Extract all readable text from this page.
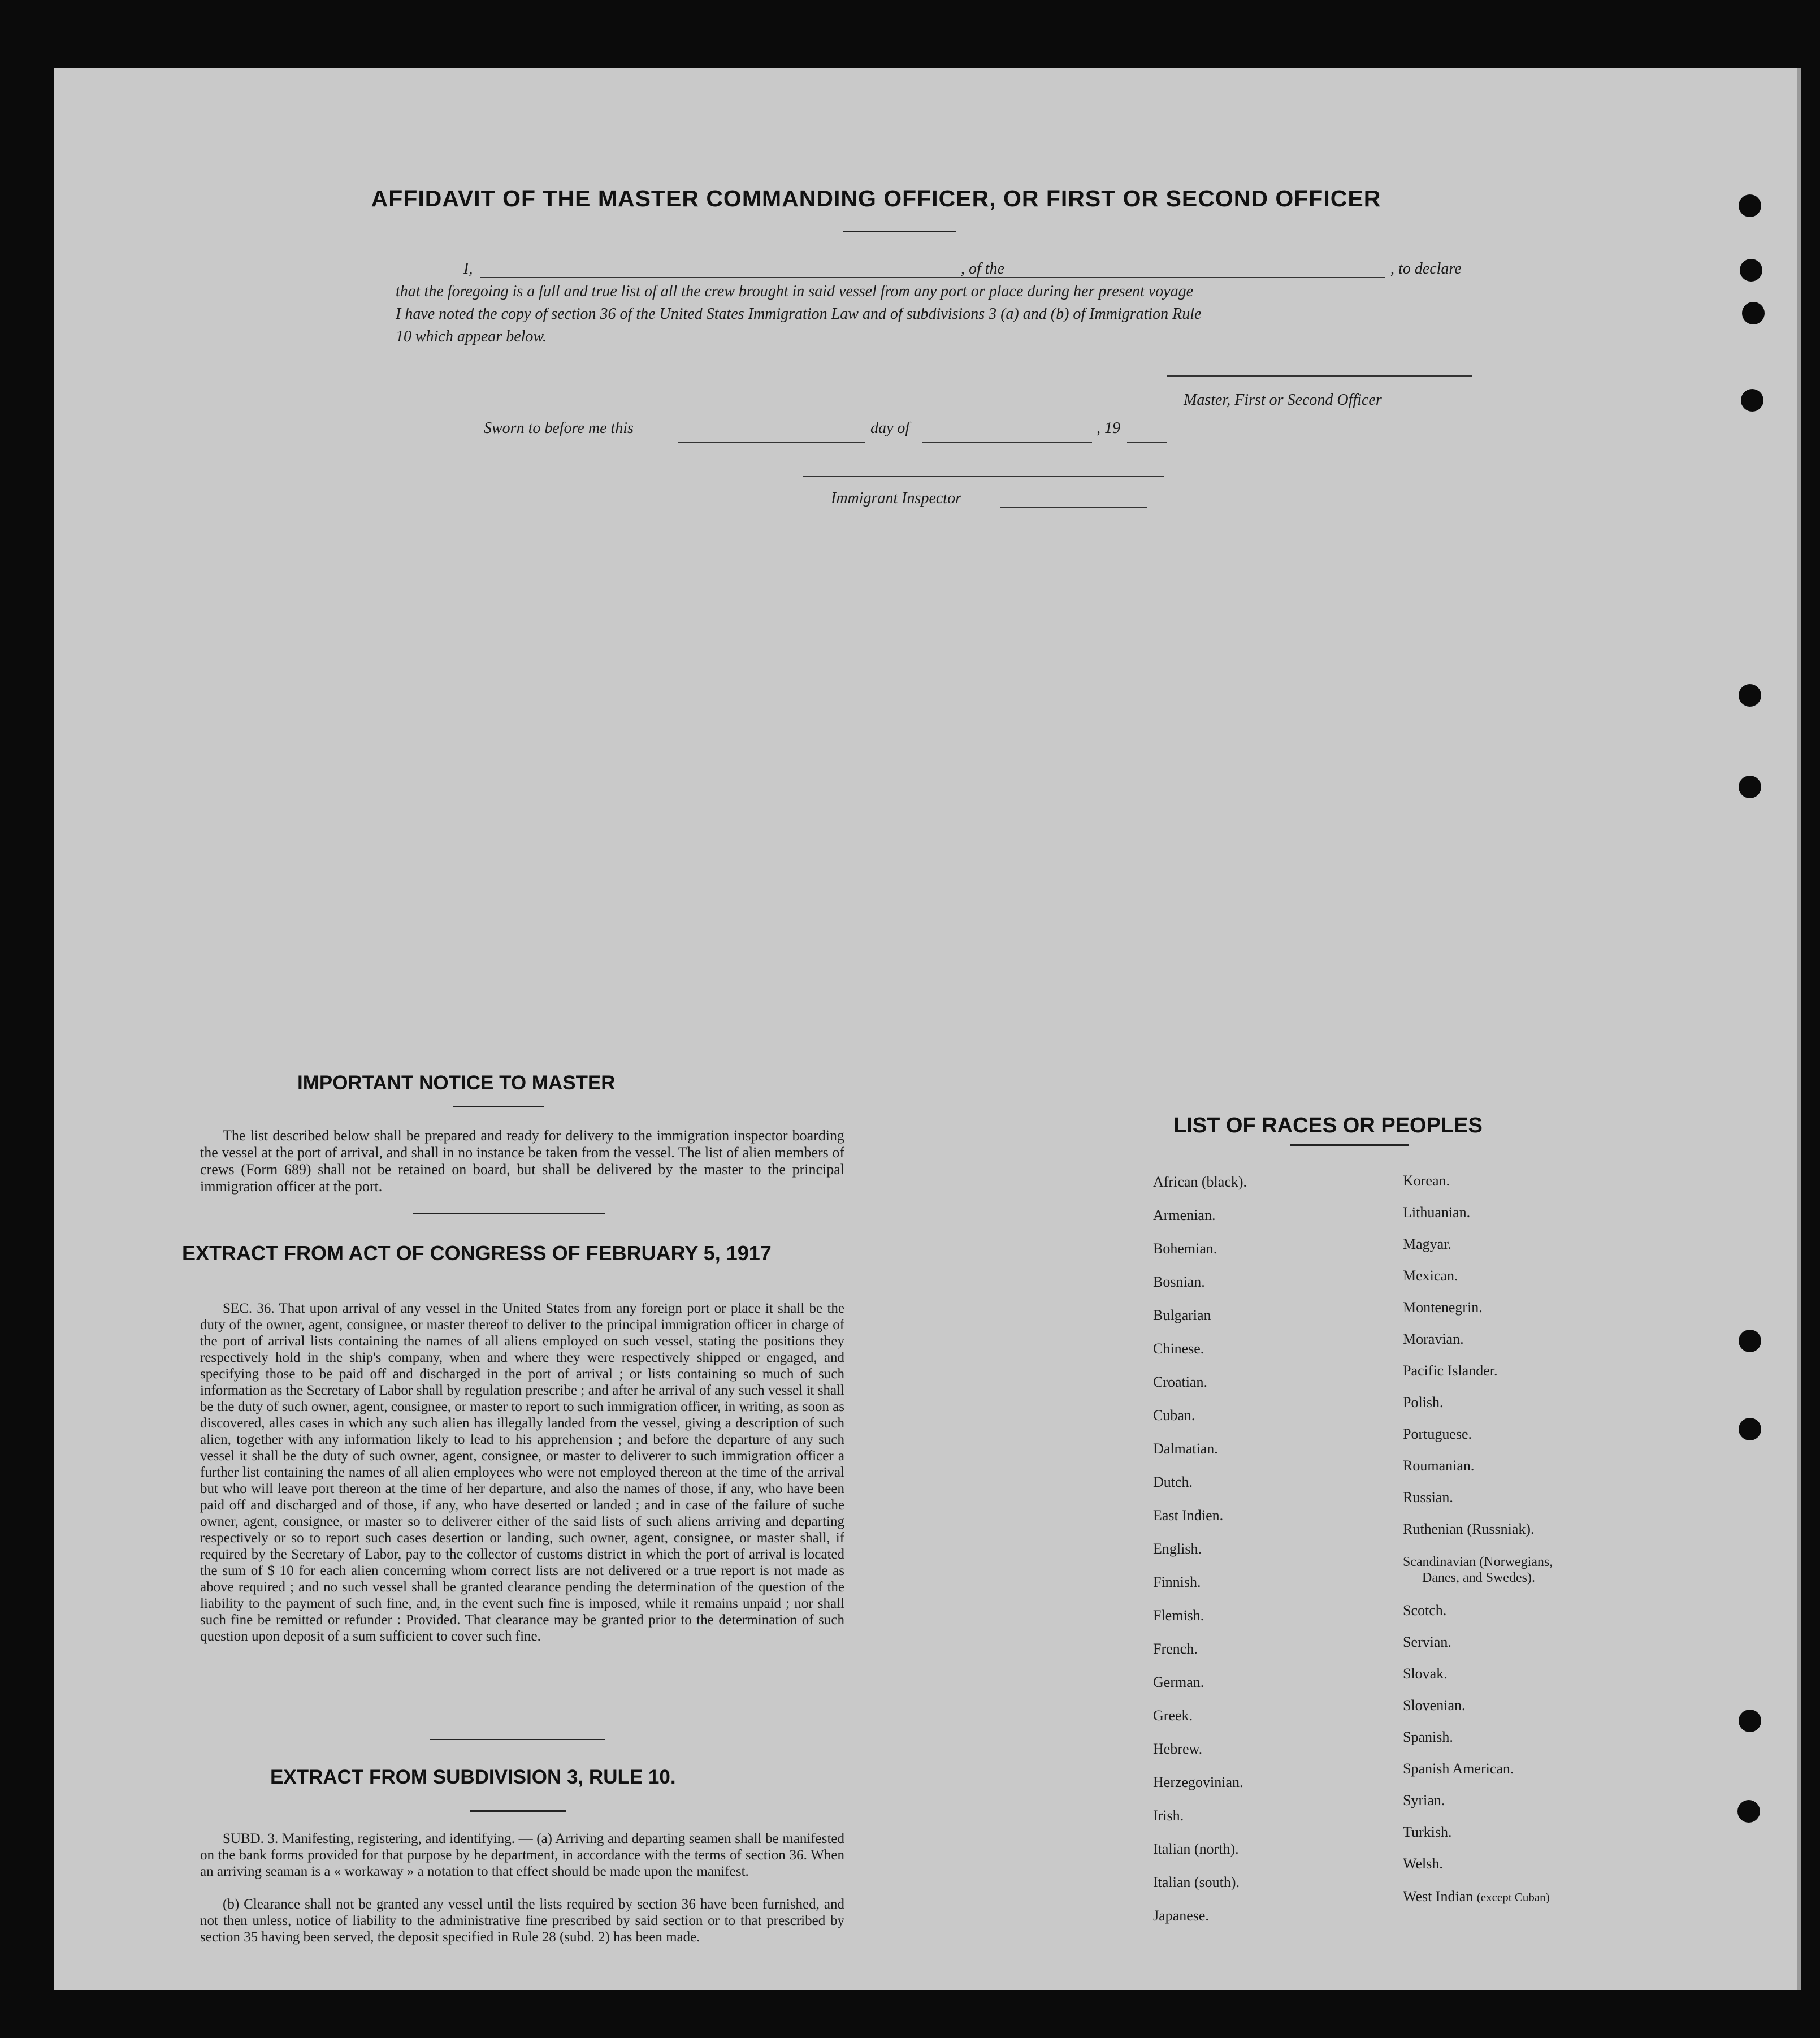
AFFIDAVIT OF THE MASTER COMMANDING OFFICER, OR FIRST OR SECOND OFFICER
I,	, of the	, to declare
that the foregoing is a full and true list of all the crew brought in said vessel from any port or place during her present voyage
I have noted the copy of section 36 of the United States Immigration Law and of subdivisions 3 (a) and (b) of Immigration Rule
10 which appear below.
Master, First or Second Officer
Sworn to before me this	day of	, 19
Immigrant Inspector
IMPORTANT NOTICE TO MASTER
The list described below shall be prepared and ready for delivery to the immigration inspector boarding the vessel at the port of arrival, and shall in no instance be taken from the vessel. The list of alien members of crews (Form 689) shall not be retained on board, but shall be delivered by the master to the principal immigration officer at the port.
EXTRACT FROM ACT OF CONGRESS OF FEBRUARY 5, 1917
SEC. 36. That upon arrival of any vessel in the United States from any foreign port or place it shall be the duty of the owner, agent, consignee, or master thereof to deliver to the principal immigration officer in charge of the port of arrival lists containing the names of all aliens employed on such vessel, stating the positions they respectively hold in the ship's company, when and where they were respectively shipped or engaged, and specifying those to be paid off and discharged in the port of arrival ; or lists containing so much of such information as the Secretary of Labor shall by regulation prescribe ; and after he arrival of any such vessel it shall be the duty of such owner, agent, consignee, or master to report to such immigration officer, in writing, as soon as discovered, alles cases in which any such alien has illegally landed from the vessel, giving a description of such alien, together with any information likely to lead to his apprehension ; and before the departure of any such vessel it shall be the duty of such owner, agent, consignee, or master to deliverer to such immigration officer a further list containing the names of all alien employees who were not employed thereon at the time of the arrival but who will leave port thereon at the time of her departure, and also the names of those, if any, who have been paid off and discharged and of those, if any, who have deserted or landed ; and in case of the failure of suche owner, agent, consignee, or master so to deliverer either of the said lists of such aliens arriving and departing respectively or so to report such cases desertion or landing, such owner, agent, consignee, or master shall, if required by the Secretary of Labor, pay to the collector of customs district in which the port of arrival is located the sum of $ 10 for each alien concerning whom correct lists are not delivered or a true report is not made as above required ; and no such vessel shall be granted clearance pending the determination of the question of the liability to the payment of such fine, and, in the event such fine is imposed, while it remains unpaid ; nor shall such fine be remitted or refunder : Provided. That clearance may be granted prior to the determination of such question upon deposit of a sum sufficient to cover such fine.
EXTRACT FROM SUBDIVISION 3, RULE 10.
SUBD. 3. Manifesting, registering, and identifying. — (a) Arriving and departing seamen shall be manifested on the bank forms provided for that purpose by he department, in accordance with the terms of section 36. When an arriving seaman is a « workaway » a notation to that effect should be made upon the manifest.
(b) Clearance shall not be granted any vessel until the lists required by section 36 have been furnished, and not then unless, notice of liability to the administrative fine prescribed by said section or to that prescribed by section 35 having been served, the deposit specified in Rule 28 (subd. 2) has been made.
LIST OF RACES OR PEOPLES
African (black).
Armenian.
Bohemian.
Bosnian.
Bulgarian
Chinese.
Croatian.
Cuban.
Dalmatian.
Dutch.
East Indien.
English.
Finnish.
Flemish.
French.
German.
Greek.
Hebrew.
Herzegovinian.
Irish.
Italian (north).
Italian (south).
Japanese.
Korean.
Lithuanian.
Magyar.
Mexican.
Montenegrin.
Moravian.
Pacific Islander.
Polish.
Portuguese.
Roumanian.
Russian.
Ruthenian (Russniak).
Scandinavian (Norwegians,
Danes, and Swedes).
Scotch.
Servian.
Slovak.
Slovenian.
Spanish.
Spanish American.
Syrian.
Turkish.
Welsh.
West Indian (except Cuban)
